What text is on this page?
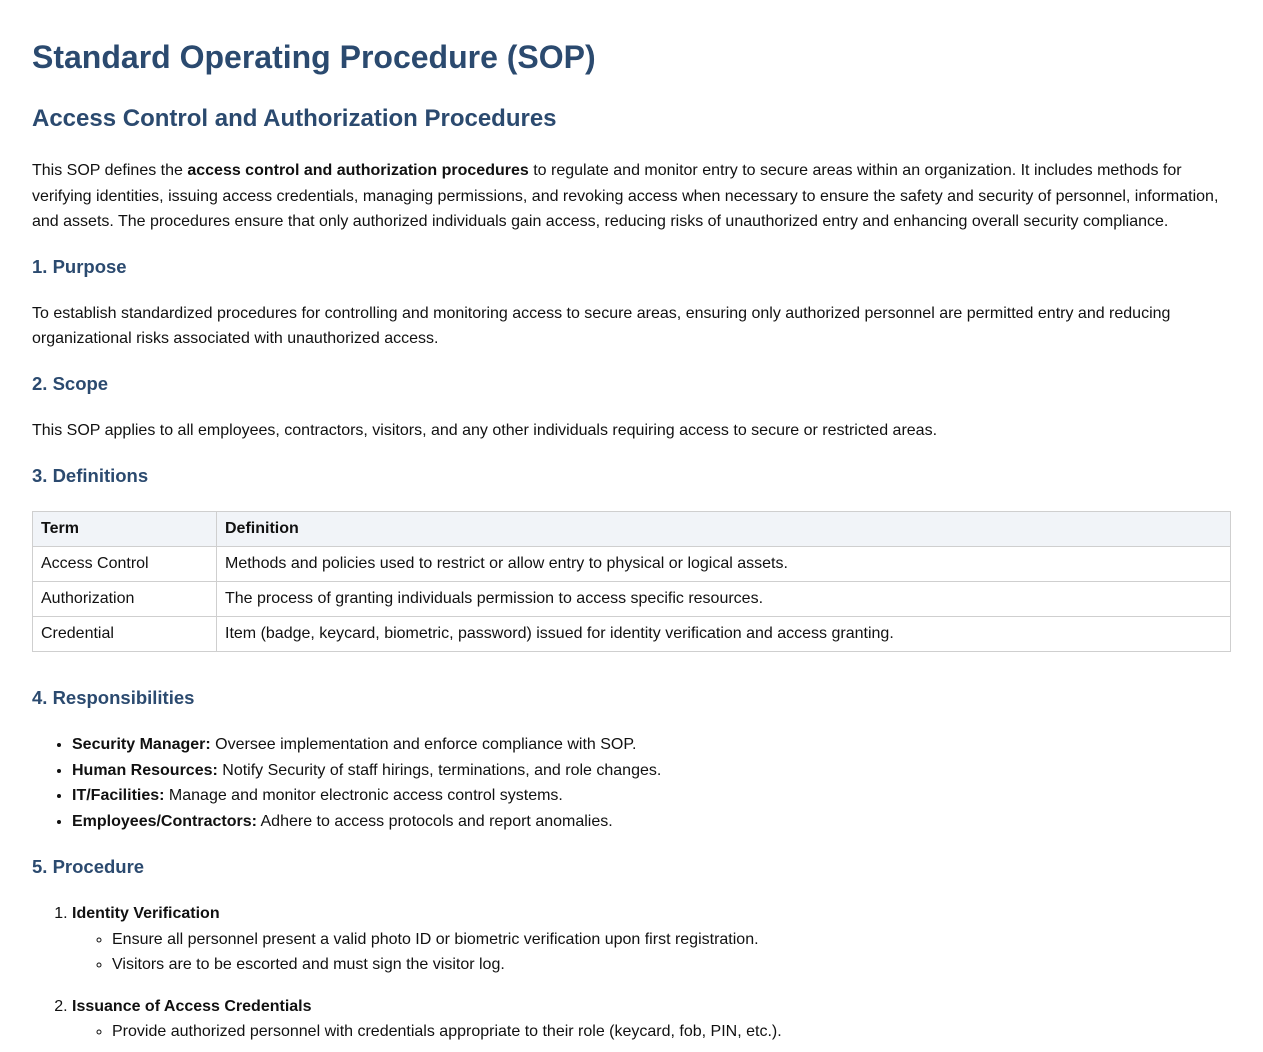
Standard Operating Procedure (SOP)
Access Control and Authorization Procedures

This SOP defines the access control and authorization procedures to regulate and monitor entry to secure areas within an organization. It includes methods for verifying identities, issuing access credentials, managing permissions, and revoking access when necessary to ensure the safety and security of personnel, information, and assets. The procedures ensure that only authorized individuals gain access, reducing risks of unauthorized entry and enhancing overall security compliance.

1. Purpose

To establish standardized procedures for controlling and monitoring access to secure areas, ensuring only authorized personnel are permitted entry and reducing organizational risks associated with unauthorized access.

2. Scope

This SOP applies to all employees, contractors, visitors, and any other individuals requiring access to secure or restricted areas.

3. Definitions
Term	Definition
Access Control	Methods and policies used to restrict or allow entry to physical or logical assets.
Authorization	The process of granting individuals permission to access specific resources.
Credential	Item (badge, keycard, biometric, password) issued for identity verification and access granting.
4. Responsibilities
• Security Manager: Oversee implementation and enforce compliance with SOP.
• Human Resources: Notify Security of staff hirings, terminations, and role changes.
• IT/Facilities: Manage and monitor electronic access control systems.
• Employees/Contractors: Adhere to access protocols and report anomalies.
5. Procedure
1. Identity Verification
◦ Ensure all personnel present a valid photo ID or biometric verification upon first registration.
◦ Visitors are to be escorted and must sign the visitor log.
2. Issuance of Access Credentials
◦ Provide authorized personnel with credentials appropriate to their role (keycard, fob, PIN, etc.).
